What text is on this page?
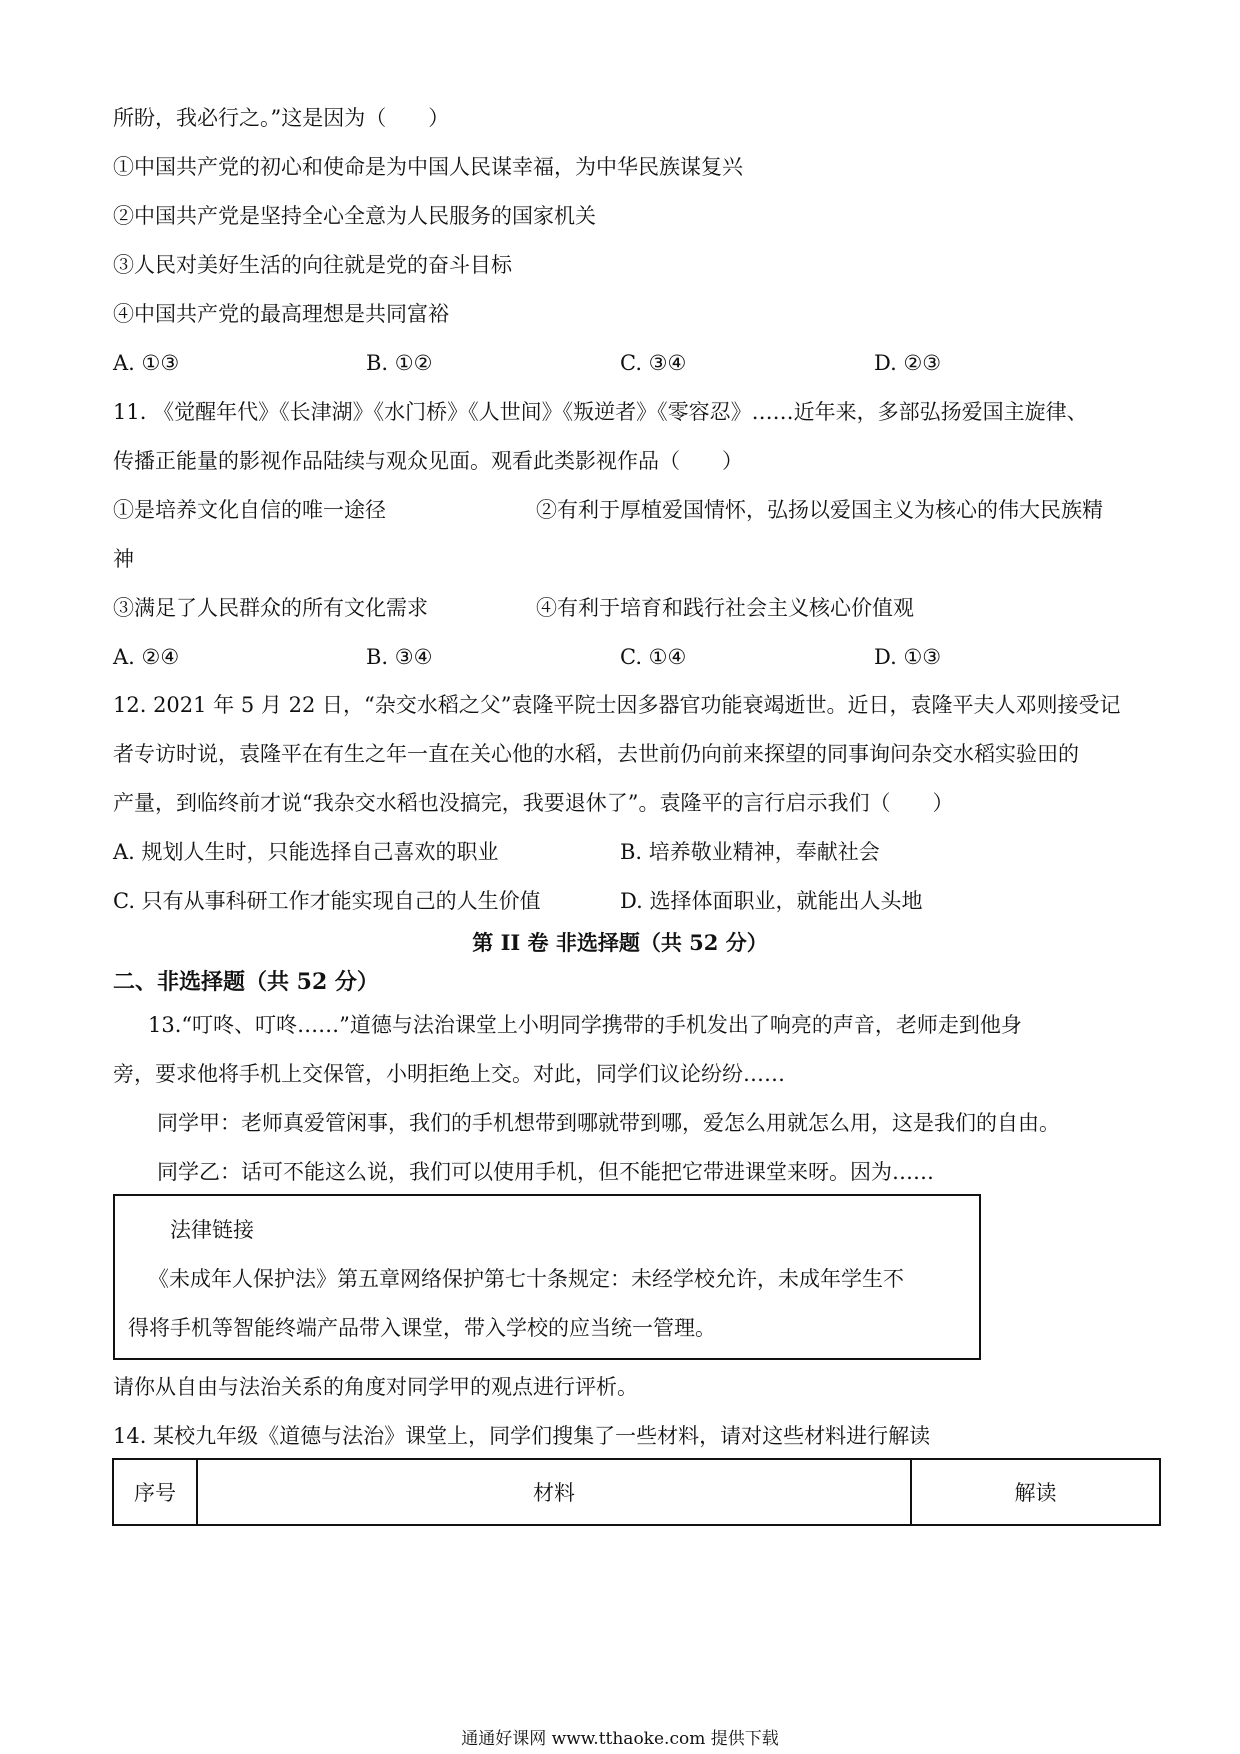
所盼，我必行之。”这是因为（　　）
①中国共产党的初心和使命是为中国人民谋幸福，为中华民族谋复兴
②中国共产党是坚持全心全意为人民服务的国家机关
③人民对美好生活的向往就是党的奋斗目标
④中国共产党的最高理想是共同富裕
A. ①③	B. ①②	C. ③④	D. ②③
11. 《觉醒年代》《长津湖》《水门桥》《人世间》《叛逆者》《零容忍》……近年来，多部弘扬爱国主旋律、
传播正能量的影视作品陆续与观众见面。观看此类影视作品（　　）
①是培养文化自信的唯一途径	②有利于厚植爱国情怀，弘扬以爱国主义为核心的伟大民族精
神
③满足了人民群众的所有文化需求	④有利于培育和践行社会主义核心价值观
A. ②④	B. ③④	C. ①④	D. ①③
12. 2021 年 5 月 22 日，“杂交水稻之父”袁隆平院士因多器官功能衰竭逝世。近日，袁隆平夫人邓则接受记
者专访时说，袁隆平在有生之年一直在关心他的水稻，去世前仍向前来探望的同事询问杂交水稻实验田的
产量，到临终前才说“我杂交水稻也没搞完，我要退休了”。袁隆平的言行启示我们（　　）
A. 规划人生时，只能选择自己喜欢的职业	B. 培养敬业精神，奉献社会
C. 只有从事科研工作才能实现自己的人生价值	D. 选择体面职业，就能出人头地
第 II 卷 非选择题（共 52 分）
二、非选择题（共 52 分）
13.“叮咚、叮咚……”道德与法治课堂上小明同学携带的手机发出了响亮的声音，老师走到他身
旁，要求他将手机上交保管，小明拒绝上交。对此，同学们议论纷纷……
同学甲：老师真爱管闲事，我们的手机想带到哪就带到哪，爱怎么用就怎么用，这是我们的自由。
同学乙：话可不能这么说，我们可以使用手机，但不能把它带进课堂来呀。因为……
法律链接
《未成年人保护法》第五章网络保护第七十条规定：未经学校允许，未成年学生不
得将手机等智能终端产品带入课堂，带入学校的应当统一管理。
请你从自由与法治关系的角度对同学甲的观点进行评析。
14. 某校九年级《道德与法治》课堂上，同学们搜集了一些材料，请对这些材料进行解读
序号	材料	解读
通通好课网 www.tthaoke.com 提供下载
